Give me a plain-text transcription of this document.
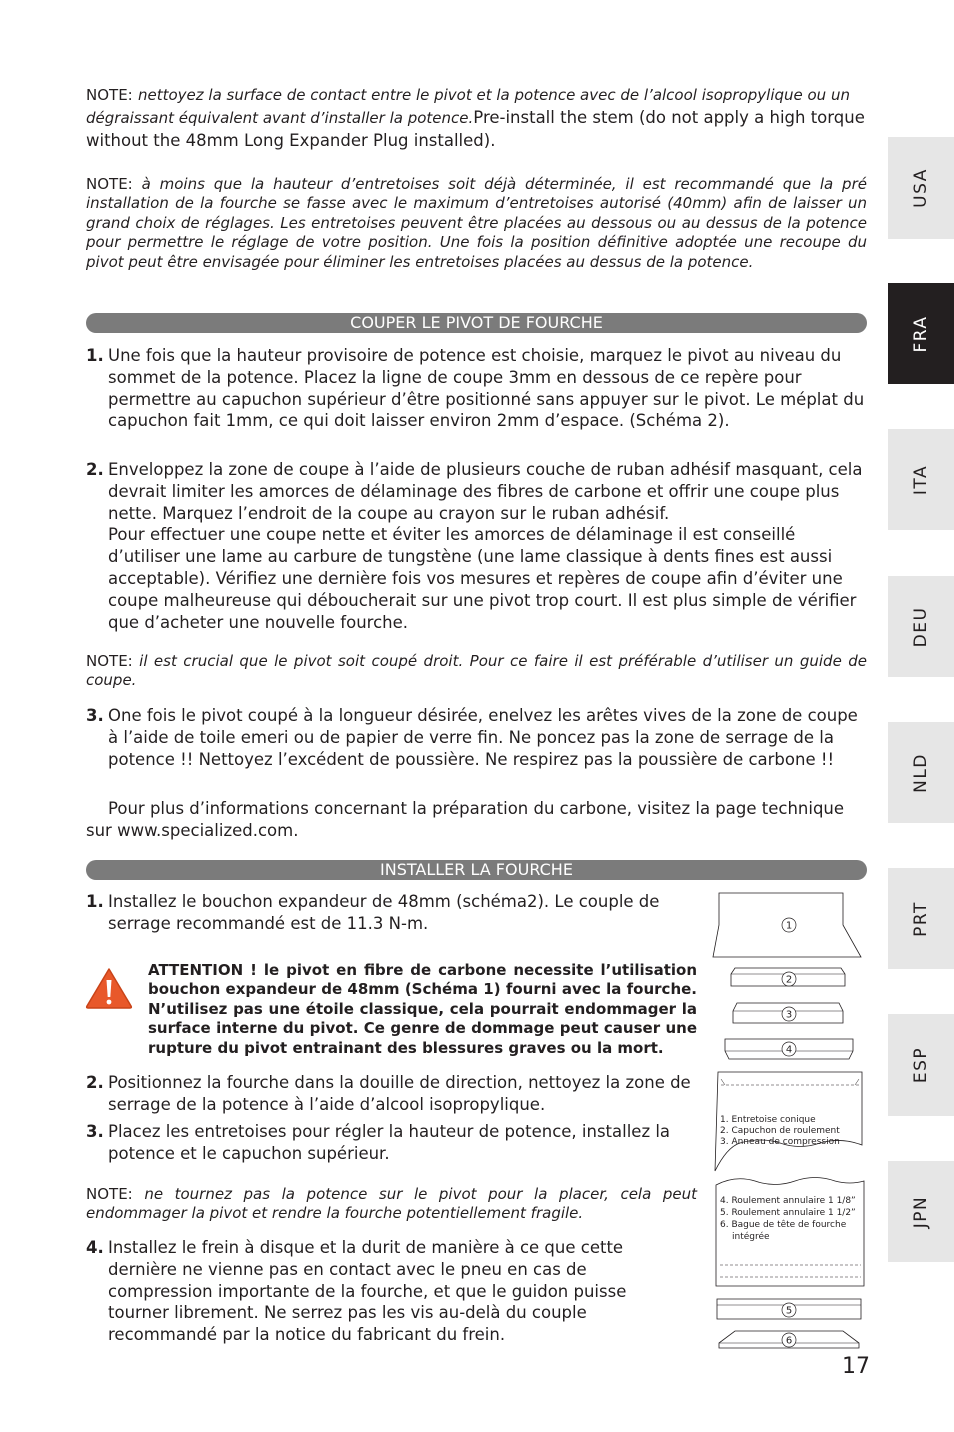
NOTE: nettoyez la surface de contact entre le pivot et la potence avec de l’alcool isopropylique ou un dégraissant équivalent avant d’installer la potence.Pre-install the stem (do not apply a high torque without the 48mm Long Expander Plug installed).
NOTE: à moins que la hauteur d’entretoises soit déjà déterminée, il est recommandé que la pré installation de la fourche se fasse avec le maximum d’entretoises autorisé (40mm) afin de laisser un grand choix de réglages. Les entretoises peuvent être placées au dessous ou au dessus de la potence pour permettre le réglage de votre position. Une fois la position définitive adoptée une recoupe du pivot peut être envisagée pour éliminer les entretoises placées au dessus de la potence.
COUPER LE PIVOT DE FOURCHE
1. Une fois que la hauteur provisoire de potence est choisie, marquez le pivot au niveau du sommet de la potence. Placez la ligne de coupe 3mm en dessous de ce repère pour permettre au capuchon supérieur d’être positionné sans appuyer sur le pivot. Le méplat du capuchon fait 1mm, ce qui doit laisser environ 2mm d’espace. (Schéma 2).
2. Enveloppez la zone de coupe à l’aide de plusieurs couche de ruban adhésif masquant, cela devrait limiter les amorces de délaminage des fibres de carbone et offrir une coupe plus nette. Marquez l’endroit de la coupe au crayon sur le ruban adhésif.
Pour effectuer une coupe nette et éviter les amorces de délaminage il est conseillé d’utiliser une lame au carbure de tungstène (une lame classique à dents fines est aussi acceptable). Vérifiez une dernière fois vos mesures et repères de coupe afin d’éviter une coupe malheureuse qui déboucherait sur une pivot trop court. Il est plus simple de vérifier que d’acheter une nouvelle fourche.
NOTE: il est crucial que le pivot soit coupé droit. Pour ce faire il est préférable d’utiliser un guide de coupe.
3. One fois le pivot coupé à la longueur désirée, enelvez les arêtes vives de la zone de coupe à l’aide de toile emeri ou de papier de verre fin. Ne poncez pas la zone de serrage de la potence !! Nettoyez l’excédent de poussière. Ne respirez pas la poussière de carbone !!
Pour plus d’informations concernant la préparation du carbone, visitez la page technique sur www.specialized.com.
INSTALLER LA FOURCHE
1. Installez le bouchon expandeur de 48mm (schéma2). Le couple de serrage recommandé est de 11.3 N-m.
ATTENTION ! le pivot en fibre de carbone necessite l’utilisation bouchon expandeur de 48mm (Schéma 1) fourni avec la fourche. N’utilisez pas une étoile classique, cela pourrait endommager la surface interne du pivot. Ce genre de dommage peut causer une rupture du pivot entrainant des blessures graves ou la mort.
2. Positionnez la fourche dans la douille de direction, nettoyez la zone de serrage de la potence à l’aide d’alcool isopropylique.
3. Placez les entretoises pour régler la hauteur de potence, installez la potence et le capuchon supérieur.
NOTE: ne tournez pas la potence sur le pivot pour la placer, cela peut endommager la pivot et rendre la fourche potentiellement fragile.
4. Installez le frein à disque et la durit de manière à ce que cette dernière ne vienne pas en contact avec le pneu en cas de compression importante de la fourche, et que le guidon puisse tourner librement. Ne serrez pas les vis au-delà du couple recommandé par la notice du fabricant du frein.
1
2
3
4
1. Entretoise conique
2. Capuchon de roulement
3. Anneau de compression
4. Roulement annulaire 1 1/8”
5. Roulement annulaire 1 1/2”
6. Bague de tête de fourche
intégrée
5
6
USA
FRA
ITA
DEU
NLD
PRT
ESP
JPN
17
